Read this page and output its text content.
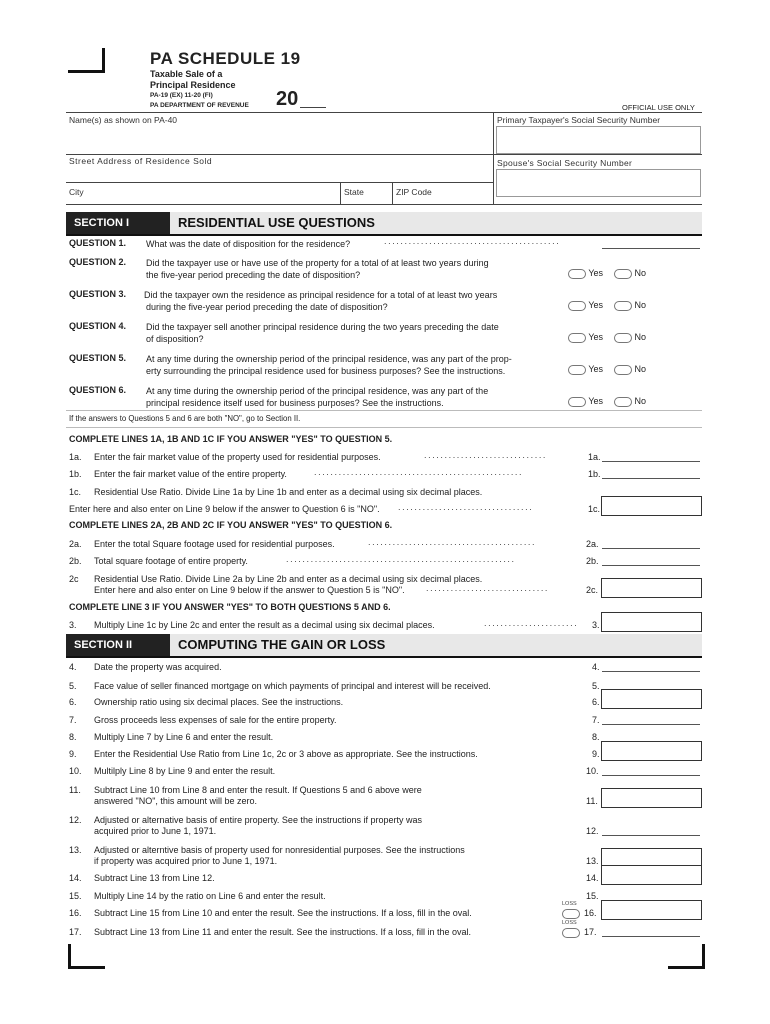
PA SCHEDULE 19
Taxable Sale of a
Principal Residence
PA-19 (EX) 11-20 (FI)
PA DEPARTMENT OF REVENUE 20	OFFICIAL USE ONLY
Name(s) as shown on PA-40	Primary Taxpayer's Social Security Number
Street Address of Residence Sold	Spouse's Social Security Number
City	State	ZIP Code
SECTION I	RESIDENTIAL USE QUESTIONS
QUESTION 1. What was the date of disposition for the residence?	...........................................
QUESTION 2. Did the taxpayer use or have use of the property for a total of at least two years during
the five-year period preceding the date of disposition?	Yes	No
QUESTION 3. Did the taxpayer own the residence as principal residence for a total of at least two years
during the five-year period preceding the date of disposition?	Yes	No
QUESTION 4. Did the taxpayer sell another principal residence during the two years preceding the date
of disposition?	Yes	No
QUESTION 5. At any time during the ownership period of the principal residence, was any part of the prop-
erty surrounding the principal residence used for business purposes? See the instructions.	Yes	No
QUESTION 6. At any time during the ownership period of the principal residence, was any part of the
principal residence itself used for business purposes? See the instructions.	Yes	No
If the answers to Questions 5 and 6 are both "NO", go to Section II.
COMPLETE LINES 1A, 1B AND 1C IF YOU ANSWER "YES" TO QUESTION 5.
1a. Enter the fair market value of the property used for residential purposes.	..............................	1a.
1b. Enter the fair market value of the entire property.	...................................................	1b.
1c. Residential Use Ratio. Divide Line 1a by Line 1b and enter as a decimal using six decimal places.
Enter here and also enter on Line 9 below if the answer to Question 6 is "NO". .................................	1c.
COMPLETE LINES 2A, 2B AND 2C IF YOU ANSWER "YES" TO QUESTION 6.
2a. Enter the total Square footage used for residential purposes.	.........................................	2a.
2b. Total square footage of entire property.	........................................................	2b.
2c Residential Use Ratio. Divide Line 2a by Line 2b and enter as a decimal using six decimal places.
Enter here and also enter on Line 9 below if the answer to Question 5 is "NO". ..............................	2c.
COMPLETE LINE 3 IF YOU ANSWER "YES" TO BOTH QUESTIONS 5 AND 6.
3. Multiply Line 1c by Line 2c and enter the result as a decimal using six decimal places.	....................... 3.
SECTION II	COMPUTING THE GAIN OR LOSS
4. Date the property was acquired.	4.
5. Face value of seller financed mortgage on which payments of principal and interest will be received.	5.
6. Ownership ratio using six decimal places. See the instructions.	6.
7. Gross proceeds less expenses of sale for the entire property.	7.
8. Multiply Line 7 by Line 6 and enter the result.	8.
9. Enter the Residential Use Ratio from Line 1c, 2c or 3 above as appropriate. See the instructions.	9.
10. Multilply Line 8 by Line 9 and enter the result.	10.
11. Subtract Line 10 from Line 8 and enter the result. If Questions 5 and 6 above were
answered "NO", this amount will be zero.	11.
12. Adjusted or alternative basis of entire property. See the instructions if property was
acquired prior to June 1, 1971.	12.
13. Adjusted or alterntive basis of property used for nonresidential purposes. See the instructions
if property was acquired prior to June 1, 1971.	13.
14. Subtract Line 13 from Line 12.	14.
15. Multiply Line 14 by the ratio on Line 6 and enter the result.	15.
16. Subtract Line 15 from Line 10 and enter the result. See the instructions. If a loss, fill in the oval.	16.
LOSS
17. Subtract Line 13 from Line 11 and enter the result. See the instructions. If a loss, fill in the oval.	17.
LOSS
